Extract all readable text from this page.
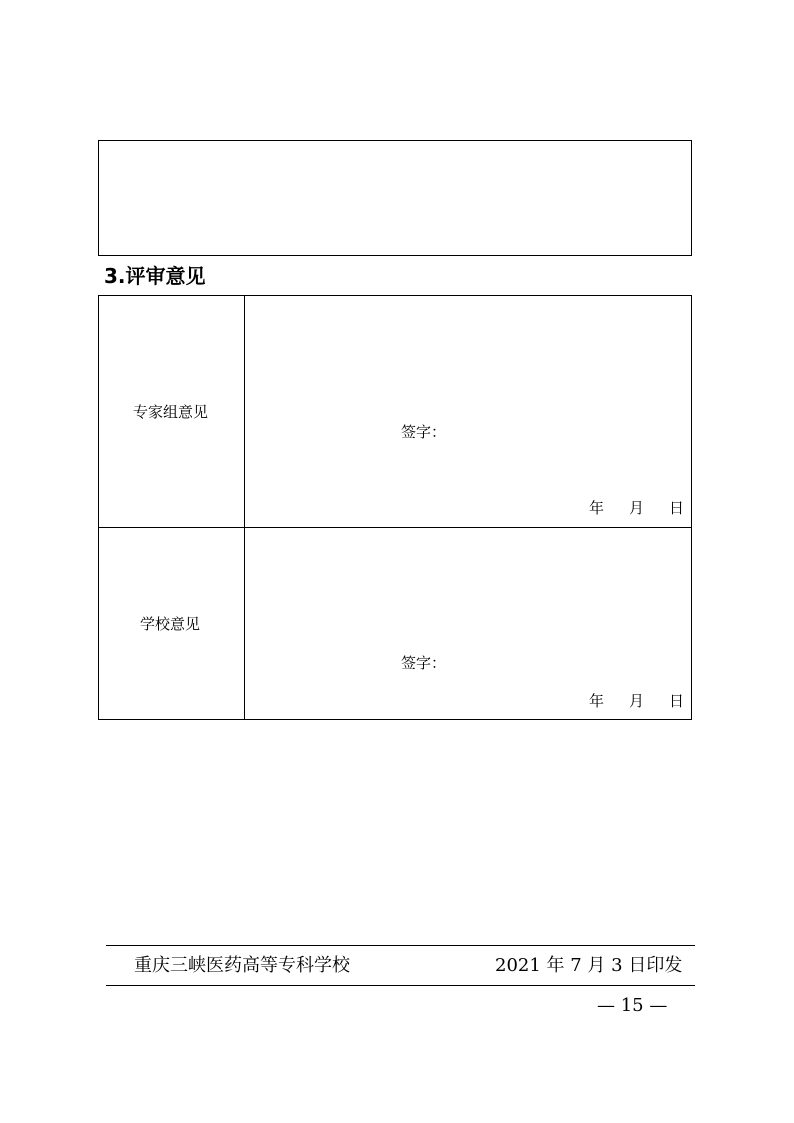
3.评审意见
专家组意见
签字：
年 月 日
学校意见
签字：
年 月 日
重庆三峡医药高等专科学校	2021 年 7 月 3 日印发
— 15 —
